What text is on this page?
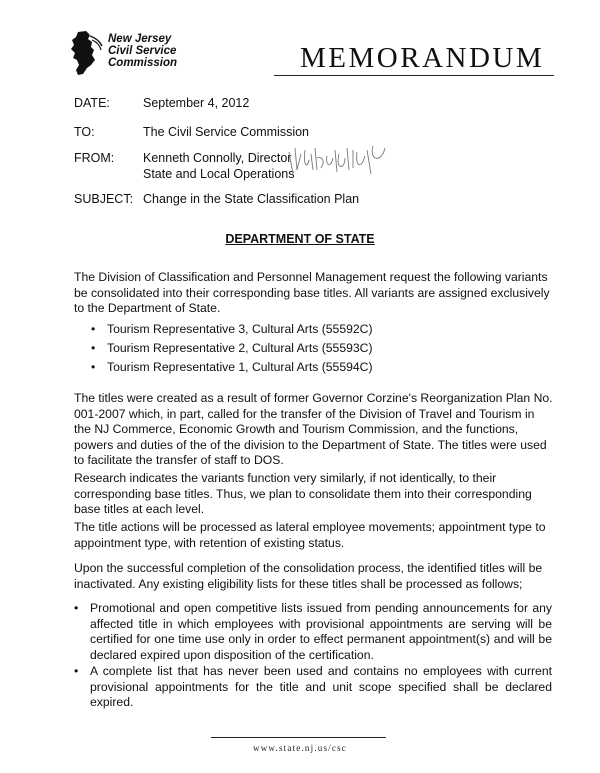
New Jersey
Civil Service
Commission	MEMORANDUM
DATE:	September 4, 2012
TO:	The Civil Service Commission
FROM: Kenneth Connolly, Director
State and Local Operations
SUBJECT: Change in the State Classification Plan
DEPARTMENT OF STATE

The Division of Classification and Personnel Management request the following variants be consolidated into their corresponding base titles. All variants are assigned exclusively to the Department of State.

• Tourism Representative 3, Cultural Arts (55592C)
• Tourism Representative 2, Cultural Arts (55593C)
• Tourism Representative 1, Cultural Arts (55594C)

The titles were created as a result of former Governor Corzine's Reorganization Plan No. 001-2007 which, in part, called for the transfer of the Division of Travel and Tourism in the NJ Commerce, Economic Growth and Tourism Commission, and the functions, powers and duties of the of the division to the Department of State. The titles were used to facilitate the transfer of staff to DOS.

Research indicates the variants function very similarly, if not identically, to their corresponding base titles. Thus, we plan to consolidate them into their corresponding base titles at each level.

The title actions will be processed as lateral employee movements; appointment type to appointment type, with retention of existing status.

Upon the successful completion of the consolidation process, the identified titles will be inactivated. Any existing eligibility lists for these titles shall be processed as follows;

• Promotional and open competitive lists issued from pending announcements for any affected title in which employees with provisional appointments are serving will be certified for one time use only in order to effect permanent appointment(s) and will be declared expired upon disposition of the certification.
• A complete list that has never been used and contains no employees with current provisional appointments for the title and unit scope specified shall be declared expired.
www.state.nj.us/csc
